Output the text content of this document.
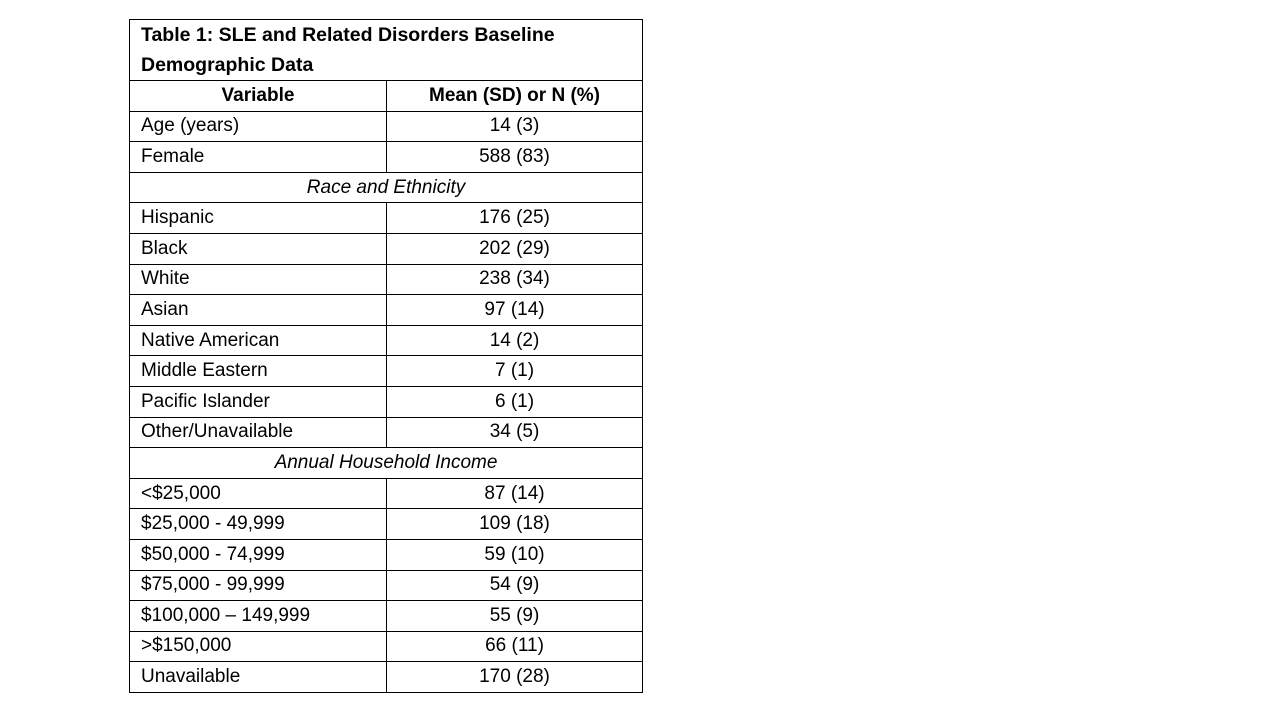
Table 1: SLE and Related Disorders Baseline Demographic Data	
Variable	Mean (SD) or N (%)
Age (years)	14 (3)
Female	588 (83)
Race and Ethnicity	
Hispanic	176 (25)
Black	202 (29)
White	238 (34)
Asian	97 (14)
Native American	14 (2)
Middle Eastern	7 (1)
Pacific Islander	6 (1)
Other/Unavailable	34 (5)
Annual Household Income	
<$25,000	87 (14)
$25,000 - 49,999	109 (18)
$50,000 - 74,999	59 (10)
$75,000 - 99,999	54 (9)
$100,000 – 149,999	55 (9)
>$150,000	66 (11)
Unavailable	170 (28)
